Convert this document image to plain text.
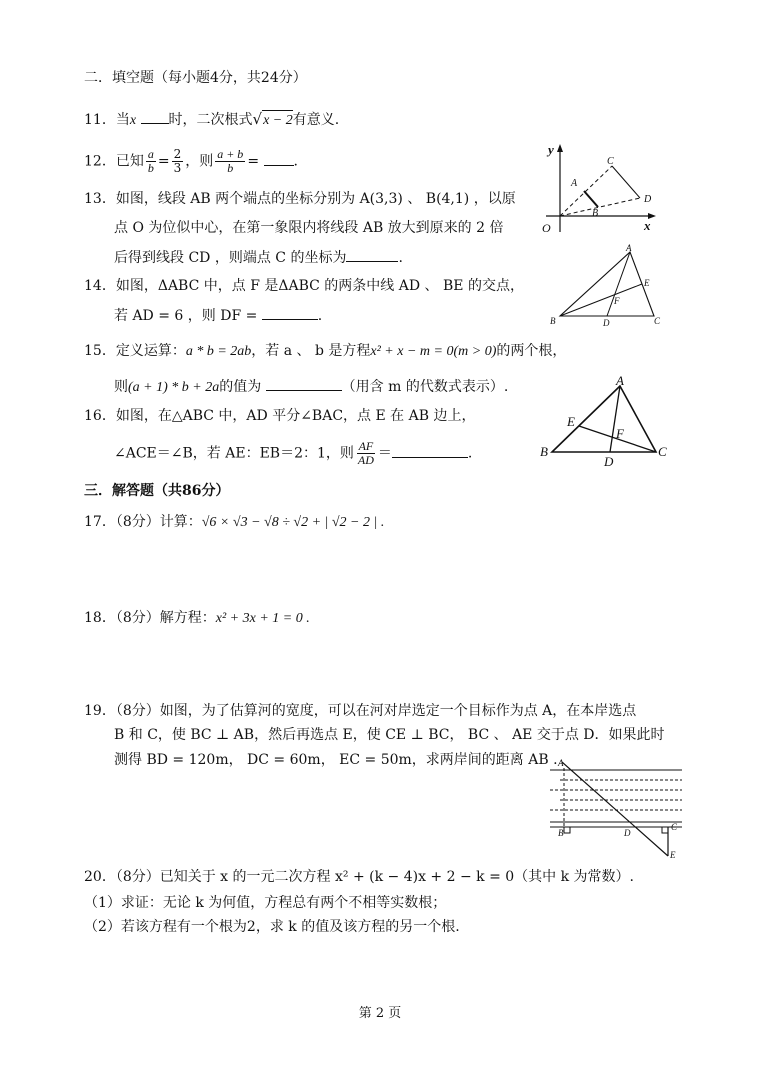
二．填空题（每小题4分，共24分）
11．当x 时，二次根式√x − 2有意义.
12．已知 $\frac{a}{b} = \frac{2}{3}$ ，则 $\frac{a + b}{b}$ = .
13．如图，线段 AB 两个端点的坐标分别为 A(3,3) 、 B(4,1) ，以原
点 O 为位似中心，在第一象限内将线段 AB 放大到原来的 2 倍
后得到线段 CD ，则端点 C 的坐标为	.
y
x
O
A
B
C
D
14．如图，ΔABC 中，点 F 是ΔABC 的两条中线 AD 、 BE 的交点，
若 AD = 6 ，则 DF =	.
A
B	C
D
E
F
15．定义运算：a * b = 2ab，若 a 、 b 是方程x² + x − m = 0(m > 0)的两个根，
则(a + 1) * b + 2a的值为	（用含 m 的代数式表示）.
16．如图，在△ABC 中，AD 平分∠BAC，点 E 在 AB 边上，
∠ACE＝∠B，若 AE：EB＝2：1，则 $\frac{AF}{AD}$ ＝	.
A
B	C
D
E
F
三．解答题（共86分）
17．（8分）计算：√6 × √3 − √8 ÷ √2 + | √2 − 2 | .
18．（8分）解方程：x² + 3x + 1 = 0 .
19．（8分）如图，为了估算河的宽度，可以在河对岸选定一个目标作为点 A，在本岸选点
B 和 C，使 BC ⊥ AB，然后再选点 E，使 CE ⊥ BC， BC 、 AE 交于点 D．如果此时
测得 BD = 120m， DC = 60m， EC = 50m，求两岸间的距离 AB . A
B
C
D
E
20．（8分）已知关于 x 的一元二次方程 x² + (k − 4)x + 2 − k = 0（其中 k 为常数）.
（1）求证：无论 k 为何值，方程总有两个不相等实数根；
（2）若该方程有一个根为2，求 k 的值及该方程的另一个根.
第 2 页
